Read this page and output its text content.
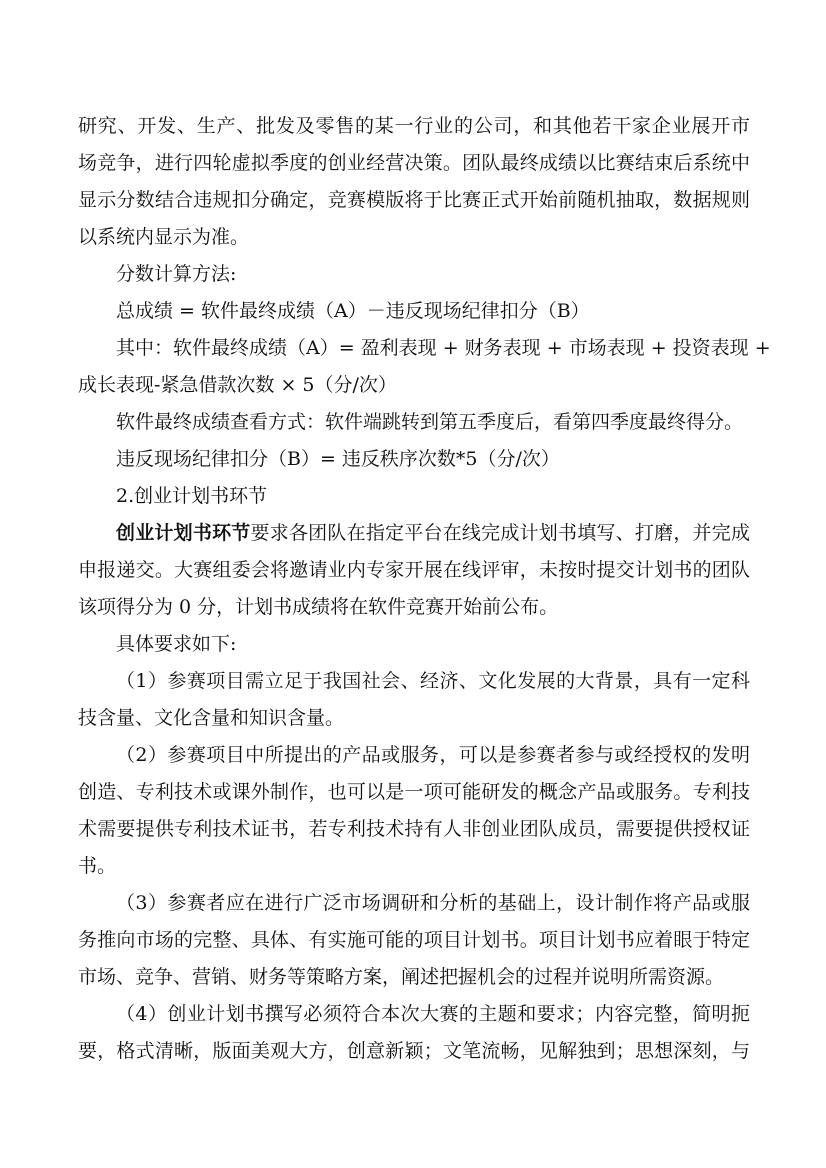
研究、开发、生产、批发及零售的某一行业的公司，和其他若干家企业展开市
场竞争，进行四轮虚拟季度的创业经营决策。团队最终成绩以比赛结束后系统中
显示分数结合违规扣分确定，竞赛模版将于比赛正式开始前随机抽取，数据规则
以系统内显示为准。
分数计算方法:
总成绩 = 软件最终成绩（A）－违反现场纪律扣分（B）
其中：软件最终成绩（A）= 盈利表现 + 财务表现 + 市场表现 + 投资表现 +
成长表现-紧急借款次数 × 5（分/次）
软件最终成绩查看方式：软件端跳转到第五季度后，看第四季度最终得分。
违反现场纪律扣分（B）= 违反秩序次数*5（分/次）
2.创业计划书环节
创业计划书环节要求各团队在指定平台在线完成计划书填写、打磨，并完成
申报递交。大赛组委会将邀请业内专家开展在线评审，未按时提交计划书的团队
该项得分为 0 分，计划书成绩将在软件竞赛开始前公布。
具体要求如下:
（1）参赛项目需立足于我国社会、经济、文化发展的大背景，具有一定科
技含量、文化含量和知识含量。
（2）参赛项目中所提出的产品或服务，可以是参赛者参与或经授权的发明
创造、专利技术或课外制作，也可以是一项可能研发的概念产品或服务。专利技
术需要提供专利技术证书，若专利技术持有人非创业团队成员，需要提供授权证
书。
（3）参赛者应在进行广泛市场调研和分析的基础上，设计制作将产品或服
务推向市场的完整、具体、有实施可能的项目计划书。项目计划书应着眼于特定
市场、竞争、营销、财务等策略方案，阐述把握机会的过程并说明所需资源。
（4）创业计划书撰写必须符合本次大赛的主题和要求；内容完整，简明扼
要，格式清晰，版面美观大方，创意新颖；文笔流畅，见解独到；思想深刻，与
